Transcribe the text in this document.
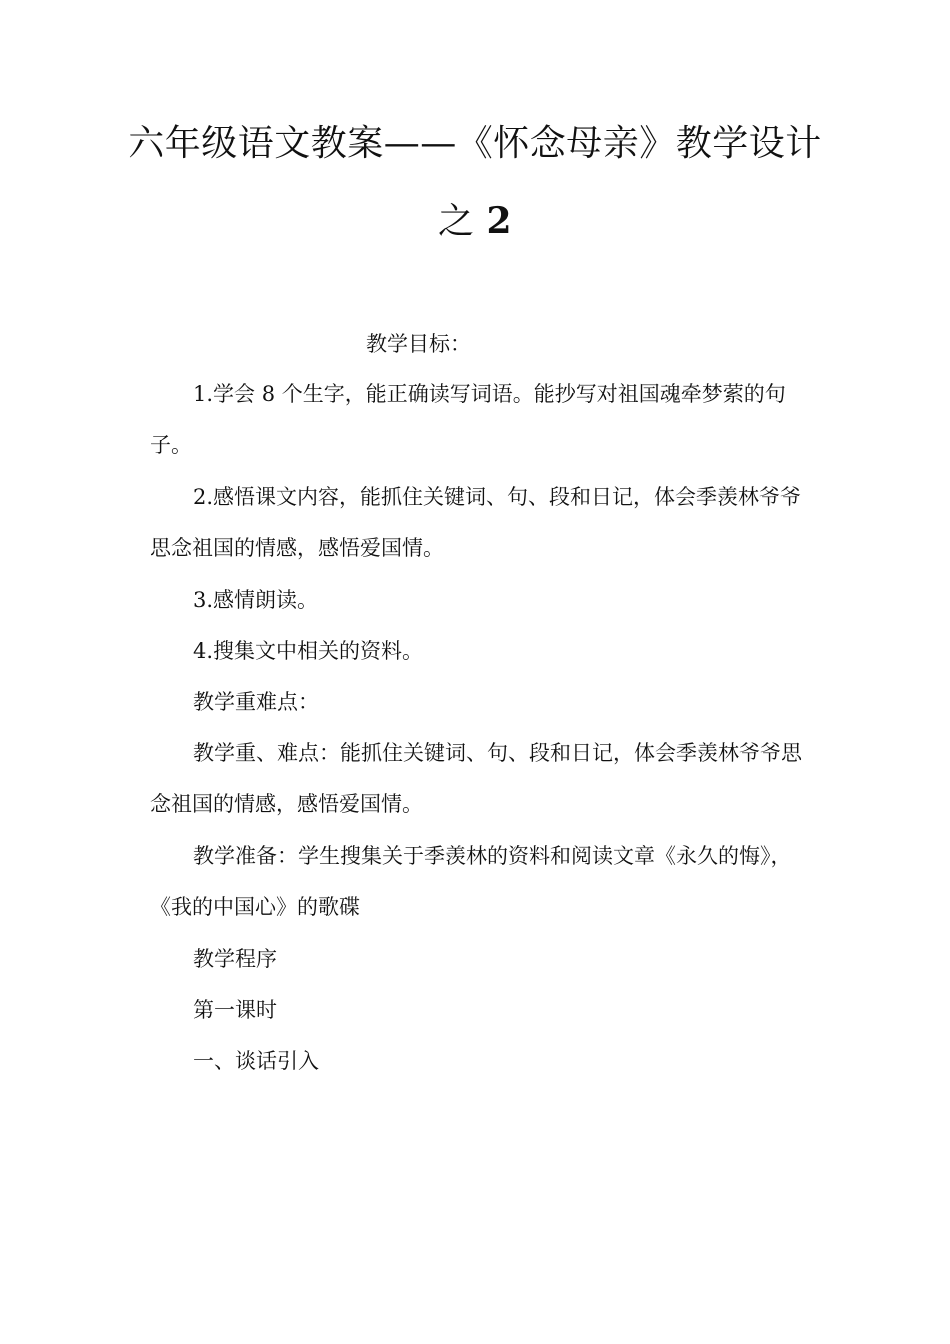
六年级语文教案——《怀念母亲》教学设计
之 2
教学目标：

1.学会 8 个生字，能正确读写词语。能抄写对祖国魂牵梦萦的句子。

2.感悟课文内容，能抓住关键词、句、段和日记，体会季羡林爷爷思念祖国的情感，感悟爱国情。

3.感情朗读。

4.搜集文中相关的资料。

教学重难点：

教学重、难点：能抓住关键词、句、段和日记，体会季羡林爷爷思念祖国的情感，感悟爱国情。

教学准备：学生搜集关于季羡林的资料和阅读文章《永久的悔》，《我的中国心》的歌碟

教学程序

第一课时

一、谈话引入
